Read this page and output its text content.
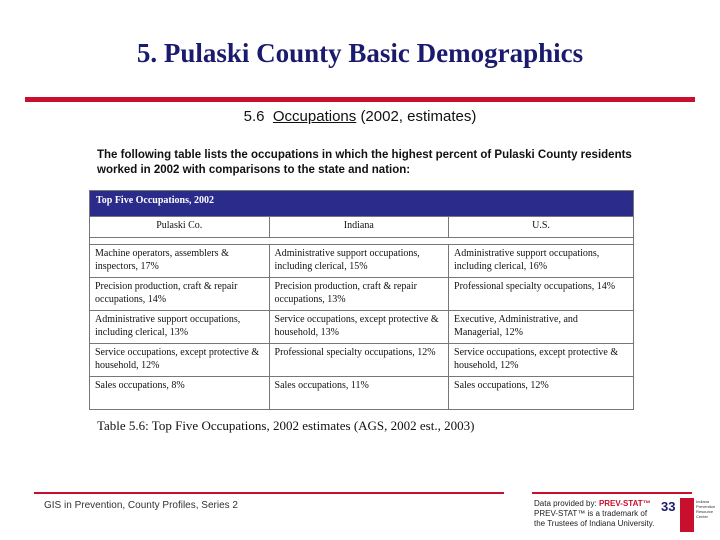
5. Pulaski County Basic Demographics
5.6 Occupations (2002, estimates)
The following table lists the occupations in which the highest percent of Pulaski County residents worked in 2002 with comparisons to the state and nation:
Top Five Occupations, 2002		
Pulaski Co.	Indiana	U.S.

Machine operators, assemblers & inspectors, 17%	Administrative support occupations, including clerical, 15%	Administrative support occupations, including clerical, 16%
Precision production, craft & repair occupations, 14%	Precision production, craft & repair occupations, 13%	Professional specialty occupations, 14%
Administrative support occupations, including clerical, 13%	Service occupations, except protective & household, 13%	Executive, Administrative, and Managerial, 12%
Service occupations, except protective & household, 12%	Professional specialty occupations, 12%	Service occupations, except protective & household, 12%
Sales occupations, 8%	Sales occupations, 11%	Sales occupations, 12%
Table 5.6: Top Five Occupations, 2002 estimates (AGS, 2002 est., 2003)
GIS in Prevention, County Profiles, Series 2	Data provided by: PREV-STAT™
PREV-STAT™ is a trademark of
the Trustees of Indiana University.
33	Indiana
Prevention
Resource
Center
